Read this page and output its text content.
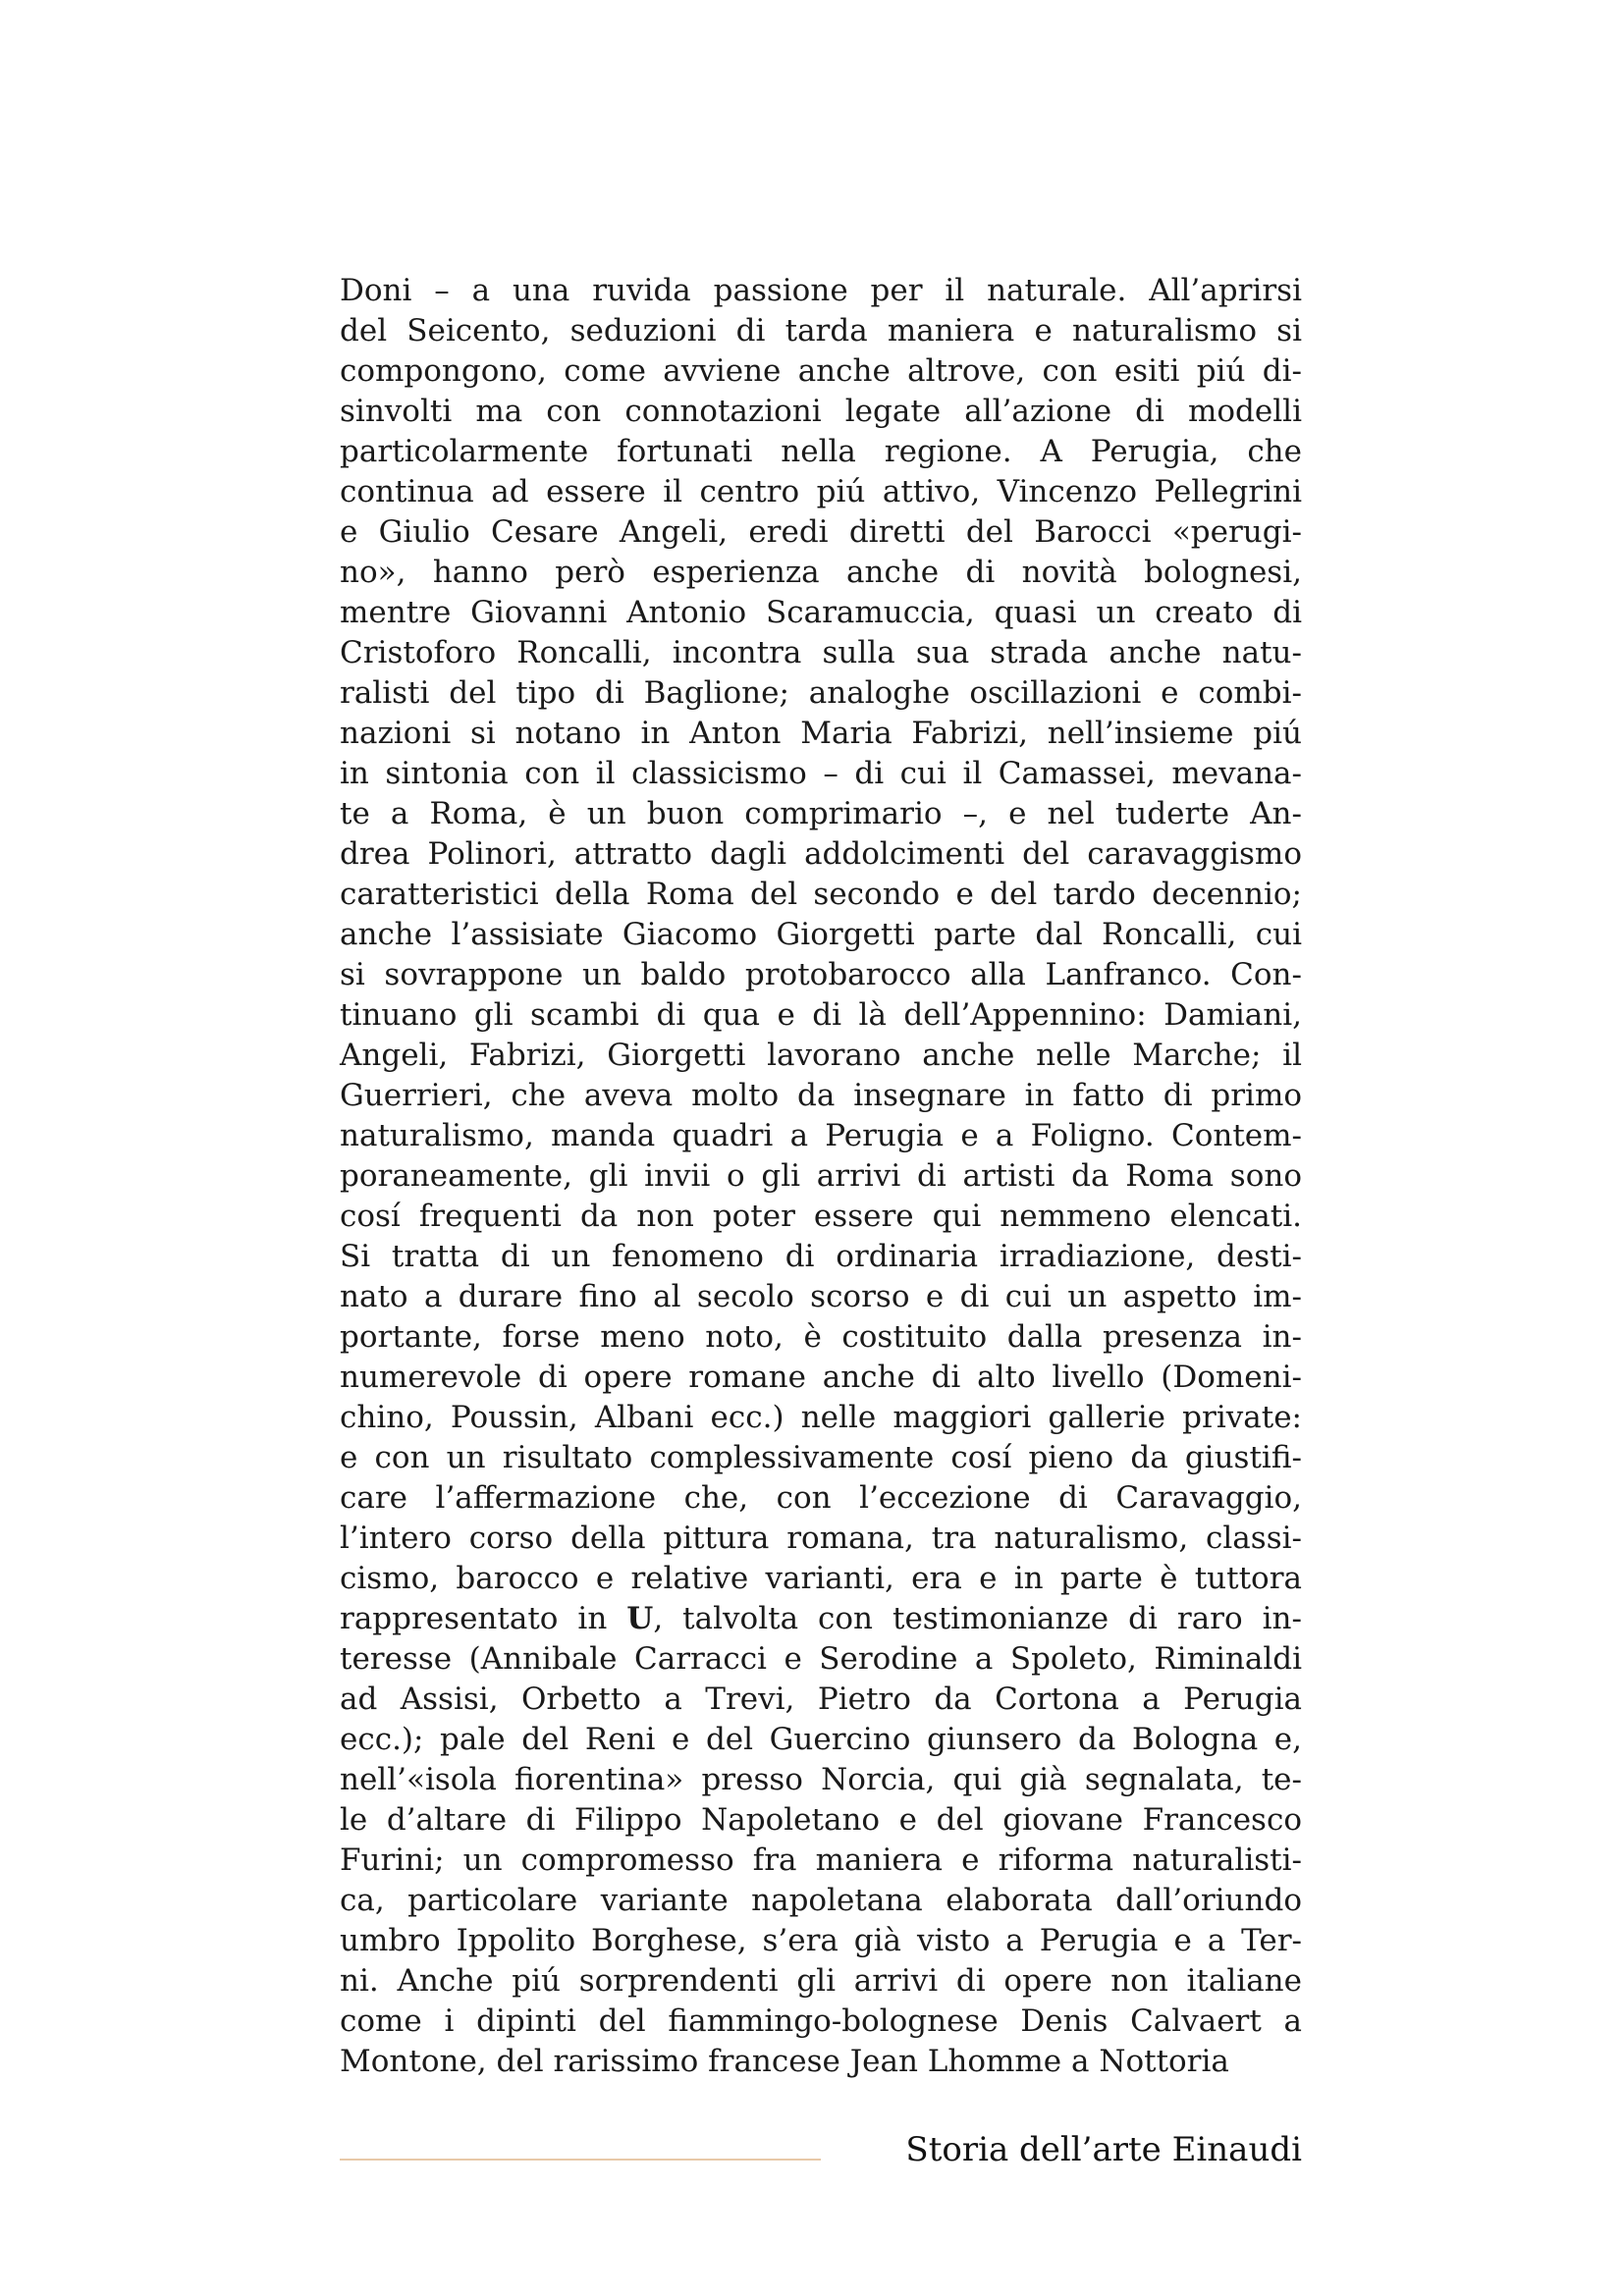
Doni – a una ruvida passione per il naturale. All’aprirsi
del Seicento, seduzioni di tarda maniera e naturalismo si
compongono, come avviene anche altrove, con esiti piú di-
sinvolti ma con connotazioni legate all’azione di modelli
particolarmente fortunati nella regione. A Perugia, che
continua ad essere il centro piú attivo, Vincenzo Pellegrini
e Giulio Cesare Angeli, eredi diretti del Barocci «perugi-
no», hanno però esperienza anche di novità bolognesi,
mentre Giovanni Antonio Scaramuccia, quasi un creato di
Cristoforo Roncalli, incontra sulla sua strada anche natu-
ralisti del tipo di Baglione; analoghe oscillazioni e combi-
nazioni si notano in Anton Maria Fabrizi, nell’insieme piú
in sintonia con il classicismo – di cui il Camassei, mevana-
te a Roma, è un buon comprimario –, e nel tuderte An-
drea Polinori, attratto dagli addolcimenti del caravaggismo
caratteristici della Roma del secondo e del tardo decennio;
anche l’assisiate Giacomo Giorgetti parte dal Roncalli, cui
si sovrappone un baldo protobarocco alla Lanfranco. Con-
tinuano gli scambi di qua e di là dell’Appennino: Damiani,
Angeli, Fabrizi, Giorgetti lavorano anche nelle Marche; il
Guerrieri, che aveva molto da insegnare in fatto di primo
naturalismo, manda quadri a Perugia e a Foligno. Contem-
poraneamente, gli invii o gli arrivi di artisti da Roma sono
cosí frequenti da non poter essere qui nemmeno elencati.
Si tratta di un fenomeno di ordinaria irradiazione, desti-
nato a durare fino al secolo scorso e di cui un aspetto im-
portante, forse meno noto, è costituito dalla presenza in-
numerevole di opere romane anche di alto livello (Domeni-
chino, Poussin, Albani ecc.) nelle maggiori gallerie private:
e con un risultato complessivamente cosí pieno da giustifi-
care l’affermazione che, con l’eccezione di Caravaggio,
l’intero corso della pittura romana, tra naturalismo, classi-
cismo, barocco e relative varianti, era e in parte è tuttora
rappresentato in U, talvolta con testimonianze di raro in-
teresse (Annibale Carracci e Serodine a Spoleto, Riminaldi
ad Assisi, Orbetto a Trevi, Pietro da Cortona a Perugia
ecc.); pale del Reni e del Guercino giunsero da Bologna e,
nell’«isola fiorentina» presso Norcia, qui già segnalata, te-
le d’altare di Filippo Napoletano e del giovane Francesco
Furini; un compromesso fra maniera e riforma naturalisti-
ca, particolare variante napoletana elaborata dall’oriundo
umbro Ippolito Borghese, s’era già visto a Perugia e a Ter-
ni. Anche piú sorprendenti gli arrivi di opere non italiane
come i dipinti del fiammingo-bolognese Denis Calvaert a
Montone, del rarissimo francese Jean Lhomme a Nottoria
Storia dell’arte Einaudi
